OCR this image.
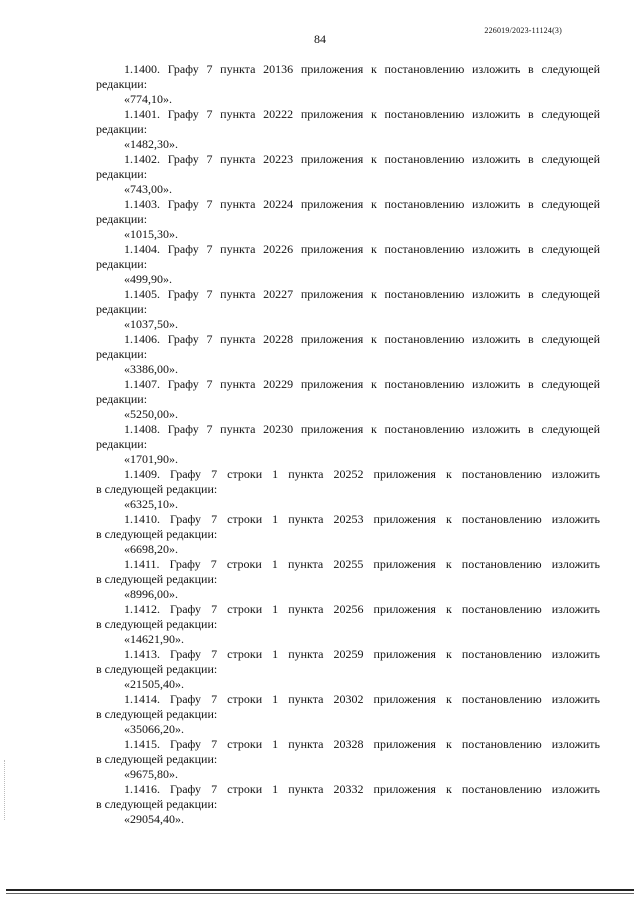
226019/2023-11124(3)
84
1.1400. Графу 7 пункта 20136 приложения к постановлению изложить в следующей
редакции:
«774,10».
1.1401. Графу 7 пункта 20222 приложения к постановлению изложить в следующей
редакции:
«1482,30».
1.1402. Графу 7 пункта 20223 приложения к постановлению изложить в следующей
редакции:
«743,00».
1.1403. Графу 7 пункта 20224 приложения к постановлению изложить в следующей
редакции:
«1015,30».
1.1404. Графу 7 пункта 20226 приложения к постановлению изложить в следующей
редакции:
«499,90».
1.1405. Графу 7 пункта 20227 приложения к постановлению изложить в следующей
редакции:
«1037,50».
1.1406. Графу 7 пункта 20228 приложения к постановлению изложить в следующей
редакции:
«3386,00».
1.1407. Графу 7 пункта 20229 приложения к постановлению изложить в следующей
редакции:
«5250,00».
1.1408. Графу 7 пункта 20230 приложения к постановлению изложить в следующей
редакции:
«1701,90».
1.1409. Графу 7 строки 1 пункта 20252 приложения к постановлению изложить
в следующей редакции:
«6325,10».
1.1410. Графу 7 строки 1 пункта 20253 приложения к постановлению изложить
в следующей редакции:
«6698,20».
1.1411. Графу 7 строки 1 пункта 20255 приложения к постановлению изложить
в следующей редакции:
«8996,00».
1.1412. Графу 7 строки 1 пункта 20256 приложения к постановлению изложить
в следующей редакции:
«14621,90».
1.1413. Графу 7 строки 1 пункта 20259 приложения к постановлению изложить
в следующей редакции:
«21505,40».
1.1414. Графу 7 строки 1 пункта 20302 приложения к постановлению изложить
в следующей редакции:
«35066,20».
1.1415. Графу 7 строки 1 пункта 20328 приложения к постановлению изложить
в следующей редакции:
«9675,80».
1.1416. Графу 7 строки 1 пункта 20332 приложения к постановлению изложить
в следующей редакции:
«29054,40».
